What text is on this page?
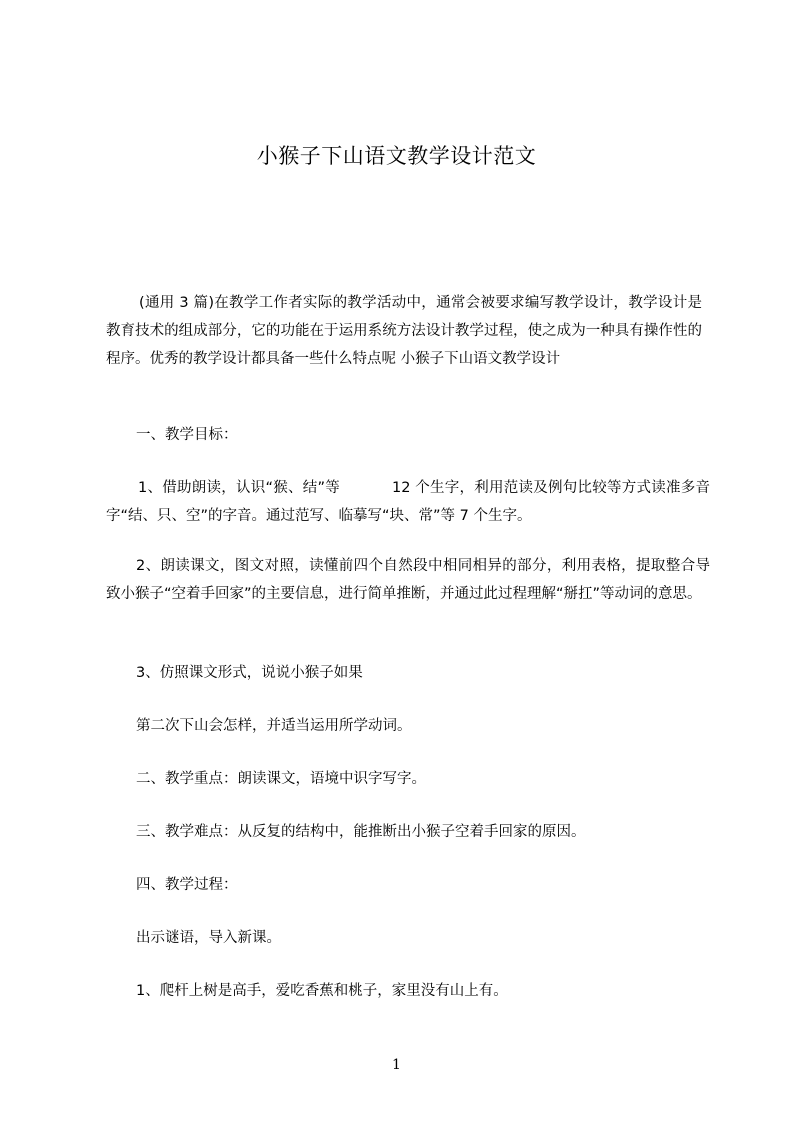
小猴子下山语文教学设计范文
(通用 3 篇)在教学工作者实际的教学活动中，通常会被要求编写教学设计，教学设计是教育技术的组成部分，它的功能在于运用系统方法设计教学过程，使之成为一种具有操作性的程序。优秀的教学设计都具备一些什么特点呢 小猴子下山语文教学设计
一、教学目标：
1、借助朗读，认识“猴、结”等	12 个生字，利用范读及例句比较等方式读准多音字“结、只、空”的字音。通过范写、临摹写“块、常”等 7 个生字。
2、朗读课文，图文对照，读懂前四个自然段中相同相异的部分，利用表格，提取整合导致小猴子“空着手回家”的主要信息，进行简单推断，并通过此过程理解“掰扛”等动词的意思。
3、仿照课文形式，说说小猴子如果
第二次下山会怎样，并适当运用所学动词。
二、教学重点：朗读课文，语境中识字写字。
三、教学难点：从反复的结构中，能推断出小猴子空着手回家的原因。
四、教学过程：
出示谜语，导入新课。
1、爬杆上树是高手，爱吃香蕉和桃子，家里没有山上有。
1
